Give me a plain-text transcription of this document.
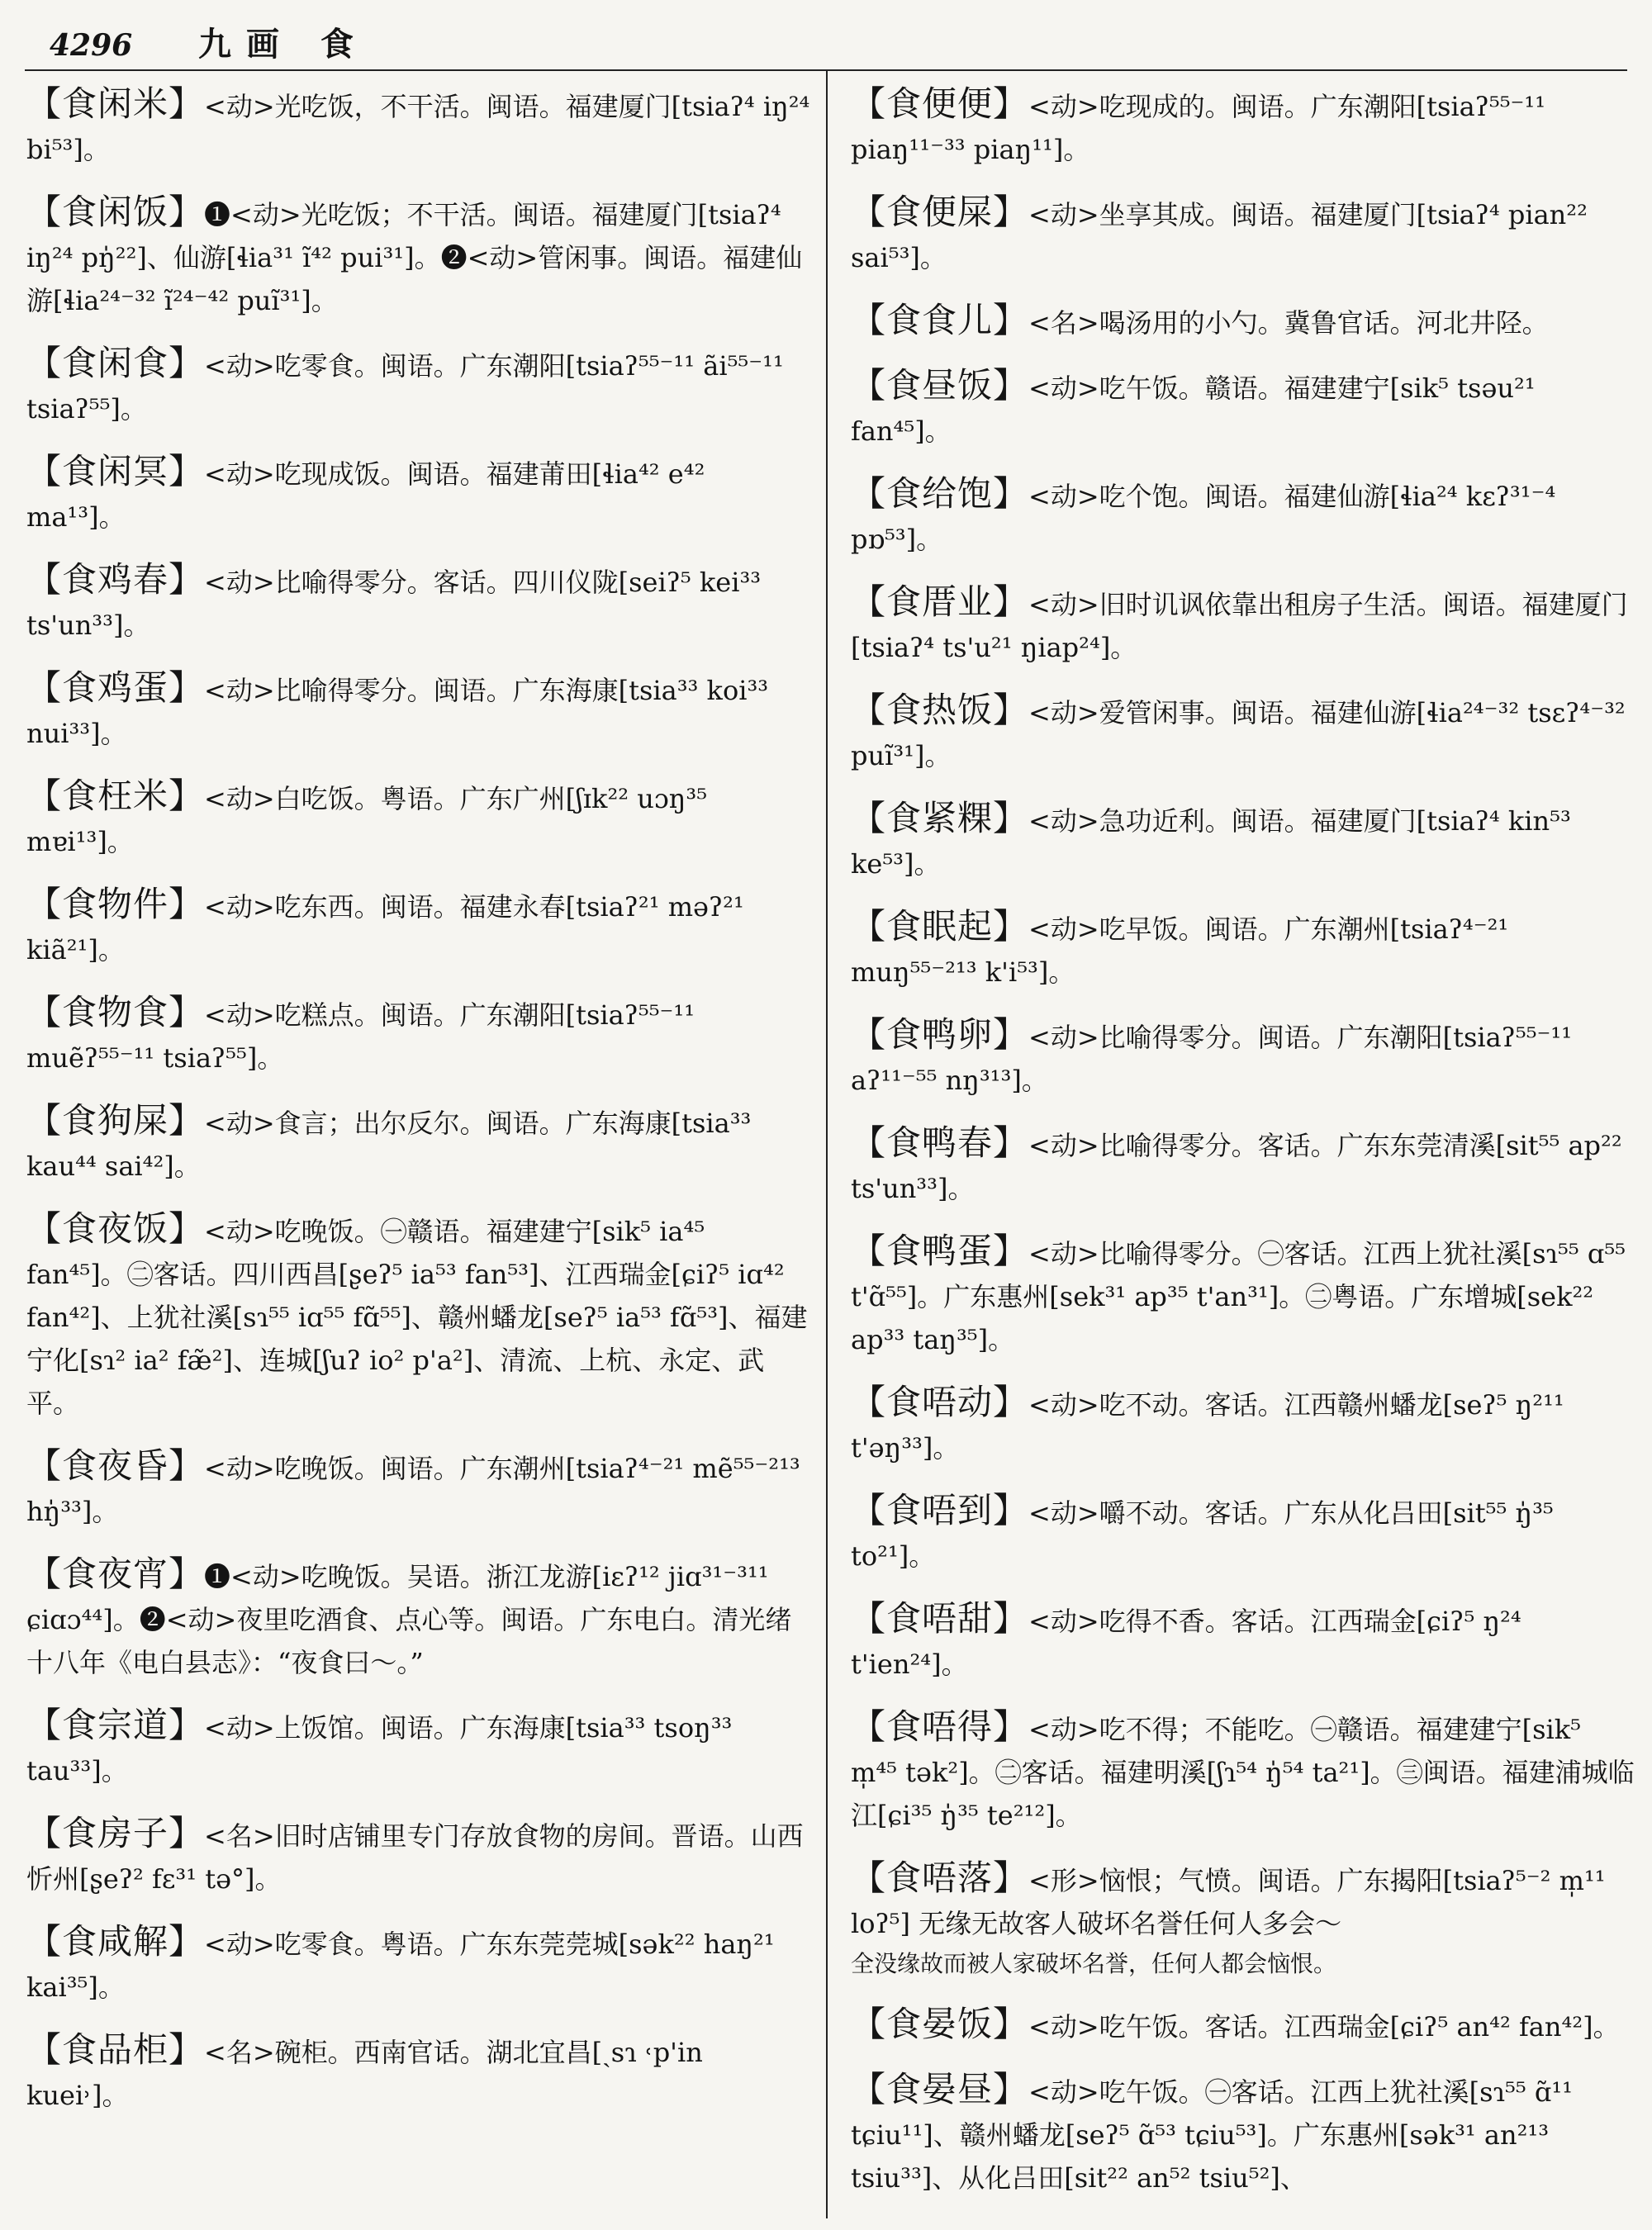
4296	九画 食
【食闲米】<动>光吃饭，不干活。闽语。福建厦门[tsiaʔ⁴ iŋ²⁴ bi⁵³]。
【食闲饭】❶<动>光吃饭；不干活。闽语。福建厦门[tsiaʔ⁴ iŋ²⁴ pŋ̍²²]、仙游[ɬia³¹ ĩ⁴² pui³¹]。❷<动>管闲事。闽语。福建仙游[ɬia²⁴⁻³² ĩ²⁴⁻⁴² puĩ³¹]。
【食闲食】<动>吃零食。闽语。广东潮阳[tsiaʔ⁵⁵⁻¹¹ ãi⁵⁵⁻¹¹ tsiaʔ⁵⁵]。
【食闲冥】<动>吃现成饭。闽语。福建莆田[ɬia⁴² e⁴² ma¹³]。
【食鸡春】<动>比喻得零分。客话。四川仪陇[seiʔ⁵ kei³³ ts'un³³]。
【食鸡蛋】<动>比喻得零分。闽语。广东海康[tsia³³ koi³³ nui³³]。
【食枉米】<动>白吃饭。粤语。广东广州[ʃɪk²² uɔŋ³⁵ mɐi¹³]。
【食物件】<动>吃东西。闽语。福建永春[tsiaʔ²¹ məʔ²¹ kiã²¹]。
【食物食】<动>吃糕点。闽语。广东潮阳[tsiaʔ⁵⁵⁻¹¹ muẽʔ⁵⁵⁻¹¹ tsiaʔ⁵⁵]。
【食狗屎】<动>食言；出尔反尔。闽语。广东海康[tsia³³ kau⁴⁴ sai⁴²]。
【食夜饭】<动>吃晚饭。㊀赣语。福建建宁[sik⁵ ia⁴⁵ fan⁴⁵]。㊁客话。四川西昌[ʂeʔ⁵ ia⁵³ fan⁵³]、江西瑞金[ɕiʔ⁵ iɑ⁴² fan⁴²]、上犹社溪[sɿ⁵⁵ iɑ⁵⁵ fɑ̃⁵⁵]、赣州蟠龙[seʔ⁵ ia⁵³ fɑ̃⁵³]、福建宁化[sɿ² ia² fæ̃²]、连城[ʃuʔ io² p'a²]、清流、上杭、永定、武平。
【食夜昏】<动>吃晚饭。闽语。广东潮州[tsiaʔ⁴⁻²¹ mẽ⁵⁵⁻²¹³ hŋ̍³³]。
【食夜宵】❶<动>吃晚饭。吴语。浙江龙游[iɛʔ¹² jiɑ³¹⁻³¹¹ ɕiɑɔ⁴⁴]。❷<动>夜里吃酒食、点心等。闽语。广东电白。清光绪十八年《电白县志》：“夜食曰～。”
【食宗道】<动>上饭馆。闽语。广东海康[tsia³³ tsoŋ³³ tau³³]。
【食房子】<名>旧时店铺里专门存放食物的房间。晋语。山西忻州[ʂeʔ² fɛ³¹ tə°]。
【食咸解】<动>吃零食。粤语。广东东莞莞城[sək²² haŋ²¹ kai³⁵]。
【食品柜】<名>碗柜。西南官话。湖北宜昌[ˏsɿ ˓p'in kuei˒]。
【食便便】<动>吃现成的。闽语。广东潮阳[tsiaʔ⁵⁵⁻¹¹ piaŋ¹¹⁻³³ piaŋ¹¹]。
【食便屎】<动>坐享其成。闽语。福建厦门[tsiaʔ⁴ pian²² sai⁵³]。
【食食儿】<名>喝汤用的小勺。冀鲁官话。河北井陉。
【食昼饭】<动>吃午饭。赣语。福建建宁[sik⁵ tsəu²¹ fan⁴⁵]。
【食给饱】<动>吃个饱。闽语。福建仙游[ɬia²⁴ kɛʔ³¹⁻⁴ pɒ⁵³]。
【食厝业】<动>旧时讥讽依靠出租房子生活。闽语。福建厦门[tsiaʔ⁴ ts'u²¹ ŋiap²⁴]。
【食热饭】<动>爱管闲事。闽语。福建仙游[ɬia²⁴⁻³² tsɛʔ⁴⁻³² puĩ³¹]。
【食紧粿】<动>急功近利。闽语。福建厦门[tsiaʔ⁴ kin⁵³ ke⁵³]。
【食眠起】<动>吃早饭。闽语。广东潮州[tsiaʔ⁴⁻²¹ muŋ⁵⁵⁻²¹³ k'i⁵³]。
【食鸭卵】<动>比喻得零分。闽语。广东潮阳[tsiaʔ⁵⁵⁻¹¹ aʔ¹¹⁻⁵⁵ nŋ³¹³]。
【食鸭春】<动>比喻得零分。客话。广东东莞清溪[sit⁵⁵ ap²² ts'un³³]。
【食鸭蛋】<动>比喻得零分。㊀客话。江西上犹社溪[sɿ⁵⁵ ɑ⁵⁵ t'ɑ̃⁵⁵]。广东惠州[sek³¹ ap³⁵ t'an³¹]。㊁粤语。广东增城[sek²² ap³³ taŋ³⁵]。
【食唔动】<动>吃不动。客话。江西赣州蟠龙[seʔ⁵ ŋ²¹¹ t'əŋ³³]。
【食唔到】<动>嚼不动。客话。广东从化吕田[sit⁵⁵ ŋ̍³⁵ to²¹]。
【食唔甜】<动>吃得不香。客话。江西瑞金[ɕiʔ⁵ ŋ²⁴ t'ien²⁴]。
【食唔得】<动>吃不得；不能吃。㊀赣语。福建建宁[sik⁵ m̩⁴⁵ tək²]。㊁客话。福建明溪[ʃɿ⁵⁴ ŋ̍⁵⁴ ta²¹]。㊂闽语。福建浦城临江[ɕi³⁵ ŋ̍³⁵ te²¹²]。
【食唔落】<形>恼恨；气愤。闽语。广东揭阳[tsiaʔ⁵⁻² m̩¹¹ loʔ⁵] 无缘无故客人破坏名誉任何人多会～
全没缘故而被人家破坏名誉，任何人都会恼恨。
【食晏饭】<动>吃午饭。客话。江西瑞金[ɕiʔ⁵ an⁴² fan⁴²]。
【食晏昼】<动>吃午饭。㊀客话。江西上犹社溪[sɿ⁵⁵ ɑ̃¹¹ tɕiu¹¹]、赣州蟠龙[seʔ⁵ ɑ̃⁵³ tɕiu⁵³]。广东惠州[sək³¹ an²¹³ tsiu³³]、从化吕田[sit²² an⁵² tsiu⁵²]、
